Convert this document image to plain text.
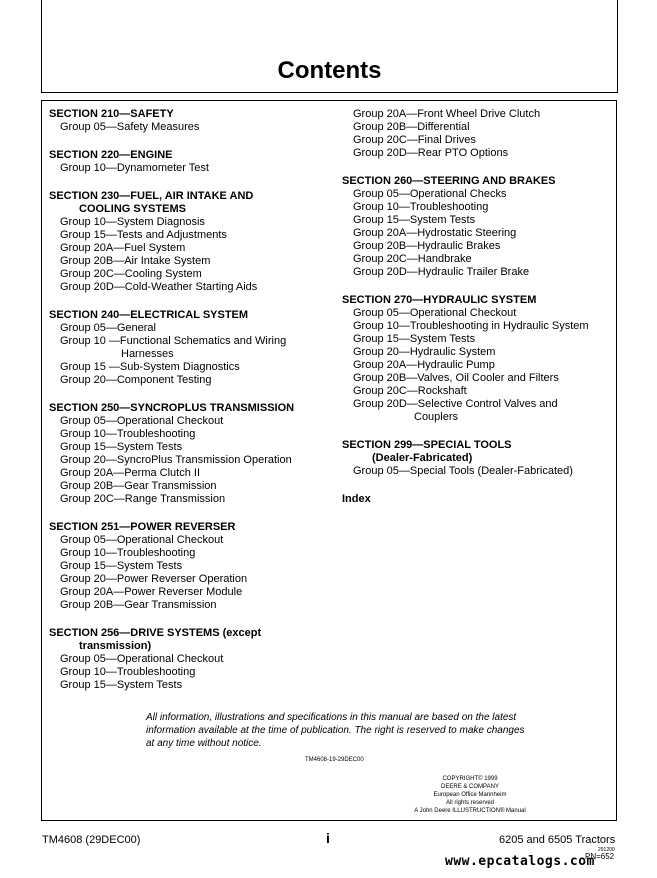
Contents
SECTION 210—SAFETY
Group 05—Safety Measures
SECTION 220—ENGINE
Group 10—Dynamometer Test
SECTION 230—FUEL, AIR INTAKE AND
COOLING SYSTEMS
Group 10—System Diagnosis
Group 15—Tests and Adjustments
Group 20A—Fuel System
Group 20B—Air Intake System
Group 20C—Cooling System
Group 20D—Cold-Weather Starting Aids
SECTION 240—ELECTRICAL SYSTEM
Group 05—General
Group 10 —Functional Schematics and Wiring
Harnesses
Group 15 —Sub-System Diagnostics
Group 20—Component Testing
SECTION 250—SYNCROPLUS TRANSMISSION
Group 05—Operational Checkout
Group 10—Troubleshooting
Group 15—System Tests
Group 20—SyncroPlus Transmission Operation
Group 20A—Perma Clutch II
Group 20B—Gear Transmission
Group 20C—Range Transmission
SECTION 251—POWER REVERSER
Group 05—Operational Checkout
Group 10—Troubleshooting
Group 15—System Tests
Group 20—Power Reverser Operation
Group 20A—Power Reverser Module
Group 20B—Gear Transmission
SECTION 256—DRIVE SYSTEMS (except
transmission)
Group 05—Operational Checkout
Group 10—Troubleshooting
Group 15—System Tests
Group 20A—Front Wheel Drive Clutch
Group 20B—Differential
Group 20C—Final Drives
Group 20D—Rear PTO Options
SECTION 260—STEERING AND BRAKES
Group 05—Operational Checks
Group 10—Troubleshooting
Group 15—System Tests
Group 20A—Hydrostatic Steering
Group 20B—Hydraulic Brakes
Group 20C—Handbrake
Group 20D—Hydraulic Trailer Brake
SECTION 270—HYDRAULIC SYSTEM
Group 05—Operational Checkout
Group 10—Troubleshooting in Hydraulic System
Group 15—System Tests
Group 20—Hydraulic System
Group 20A—Hydraulic Pump
Group 20B—Valves, Oil Cooler and Filters
Group 20C—Rockshaft
Group 20D—Selective Control Valves and
Couplers
SECTION 299—SPECIAL TOOLS
(Dealer-Fabricated)
Group 05—Special Tools (Dealer-Fabricated)
Index
All information, illustrations and specifications in this manual are based on the latest information available at the time of publication. The right is reserved to make changes at any time without notice.
TM4608-19-29DEC00
COPYRIGHT© 1999
DEERE & COMPANY
European Office Mannheim
All rights reserved
A John Deere ILLUSTRUCTION® Manual
TM4608 (29DEC00)	i	6205 and 6505 Tractors
291200
PN=652
www.epcatalogs.com
